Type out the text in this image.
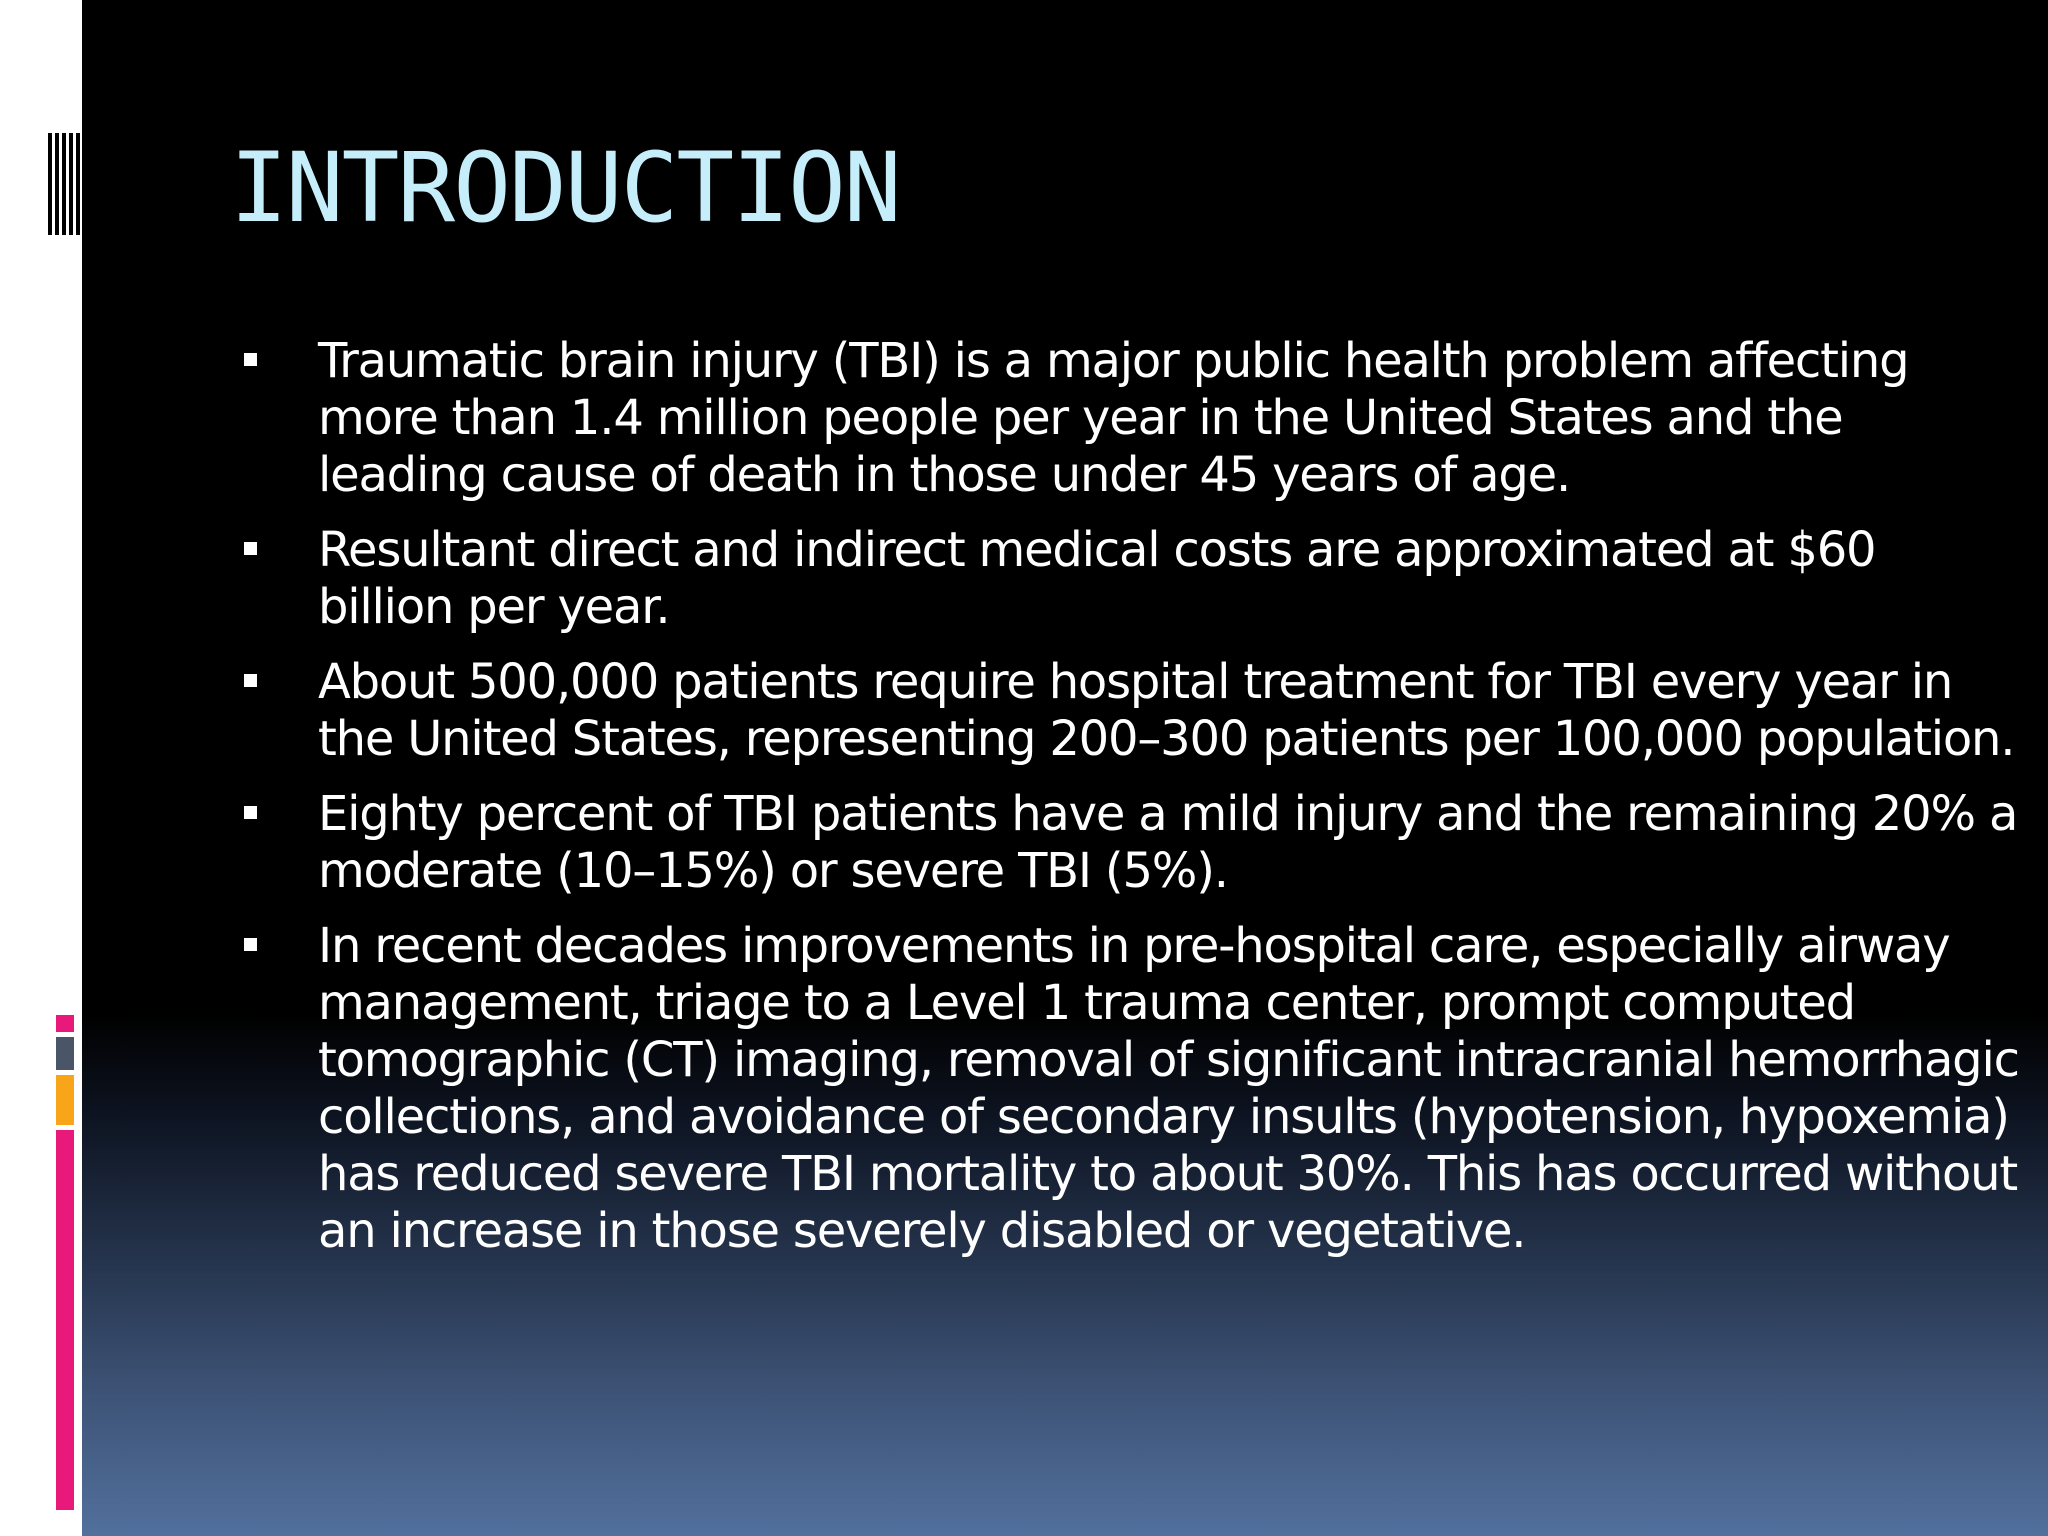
INTRODUCTION
Traumatic brain injury (TBI) is a major public health problem affecting more than 1.4 million people per year in the United States and the leading cause of death in those under 45 years of age.
Resultant direct and indirect medical costs are approximated at $60 billion per year.
About 500,000 patients require hospital treatment for TBI every year in the United States, representing 200–300 patients per 100,000 population.
Eighty percent of TBI patients have a mild injury and the remaining 20% a moderate (10–15%) or severe TBI (5%).
In recent decades improvements in pre-hospital care, especially airway management, triage to a Level 1 trauma center, prompt computed tomographic (CT) imaging, removal of significant intracranial hemorrhagic collections, and avoidance of secondary insults (hypotension, hypoxemia) has reduced severe TBI mortality to about 30%. This has occurred without an increase in those severely disabled or vegetative.
